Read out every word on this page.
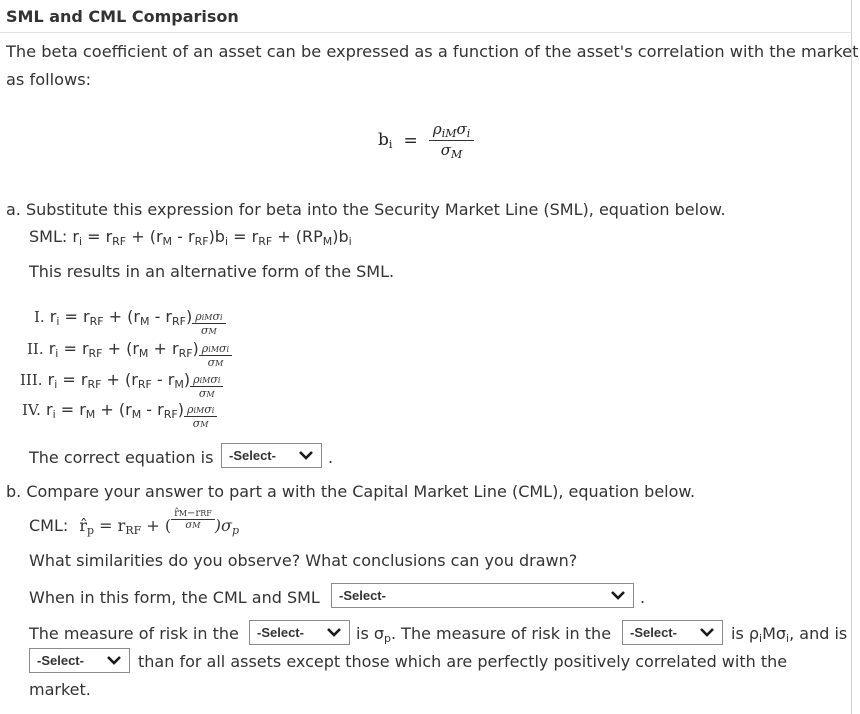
SML and CML Comparison
The beta coefficient of an asset can be expressed as a function of the asset's correlation with the market
as follows:
$b_i = \frac{\rho_{iM}\sigma_i}{\sigma_M}$
a. Substitute this expression for beta into the Security Market Line (SML), equation below.
SML: $r_i = r_{RF} + (r_M - r_{RF})b_i = r_{RF} + (RP_M)b_i$
This results in an alternative form of the SML.
I. $r_i = r_{RF} + (r_M - r_{RF}) \frac{\text{ρiMσi}}{\sigma M}$
II. $r_i = r_{RF} + (r_M + r_{RF}) \frac{\text{ρiMσi}}{\sigma M}$
III. $r_i = r_{RF} + (r_{RF} - r_M) \frac{\text{ρiMσi}}{\sigma M}$
IV. $r_i = r_M + (r_M - r_{RF}) \frac{\text{ρiMσi}}{\sigma M}$
The correct equation is -Select-	.
b. Compare your answer to part a with the Capital Market Line (CML), equation below.
CML: $r̂_p = r_{RF}$ + ( $\frac{\text{r̂M−rRF}}{\sigma M} )\sigma_p$
What similarities do you observe? What conclusions can you drawn?
When in this form, the CML and SML -Select-	.
The measure of risk in the -Select-	is $\sigma_p$. The measure of risk in the -Select-	is $\rho_iM\sigma_i$, and is
-Select-	than for all assets except those which are perfectly positively correlated with the
market.
